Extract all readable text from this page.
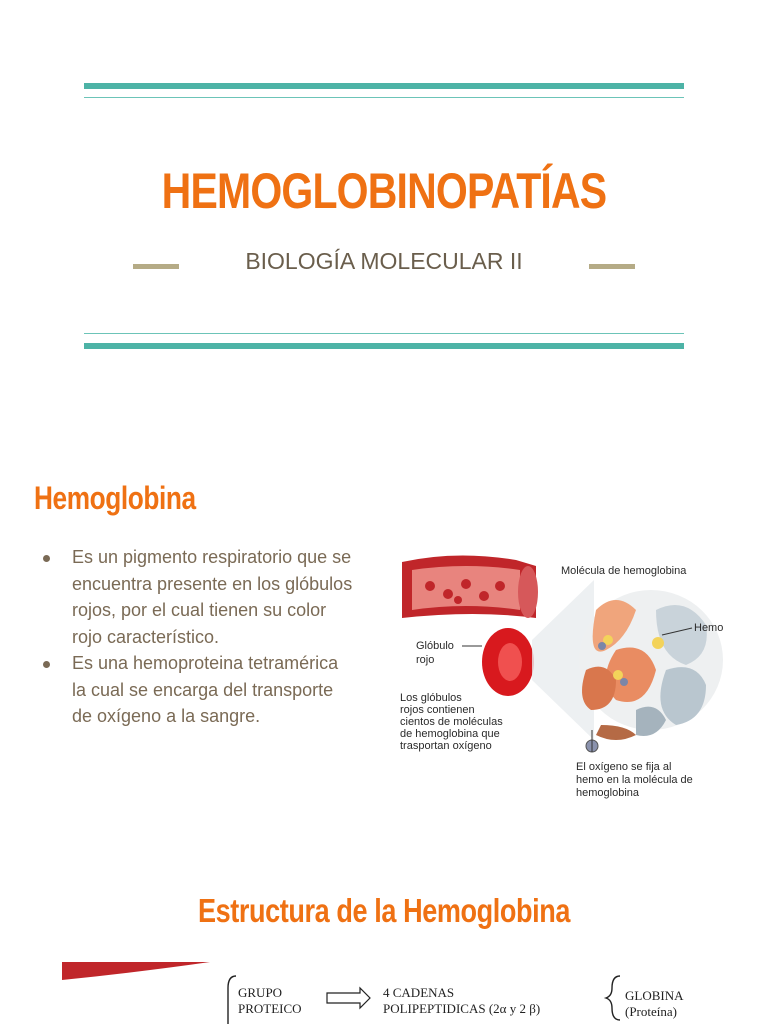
HEMOGLOBINOPATÍAS
BIOLOGÍA MOLECULAR II
Hemoglobina
Es un pigmento respiratorio que se encuentra presente en los glóbulos rojos, por el cual tienen su color rojo característico.
Es una hemoproteina tetramérica la cual se encarga del transporte de oxígeno a la sangre.
Glóbulo rojo
Molécula de hemoglobina
Hemo
Los glóbulos rojos contienen cientos de moléculas de hemoglobina que trasportan oxígeno
El oxígeno se fija al hemo en la molécula de hemoglobina
Estructura de la Hemoglobina
GRUPO PROTEICO
4 CADENAS POLIPEPTIDICAS (2α y 2 β)
GLOBINA (Proteína)
